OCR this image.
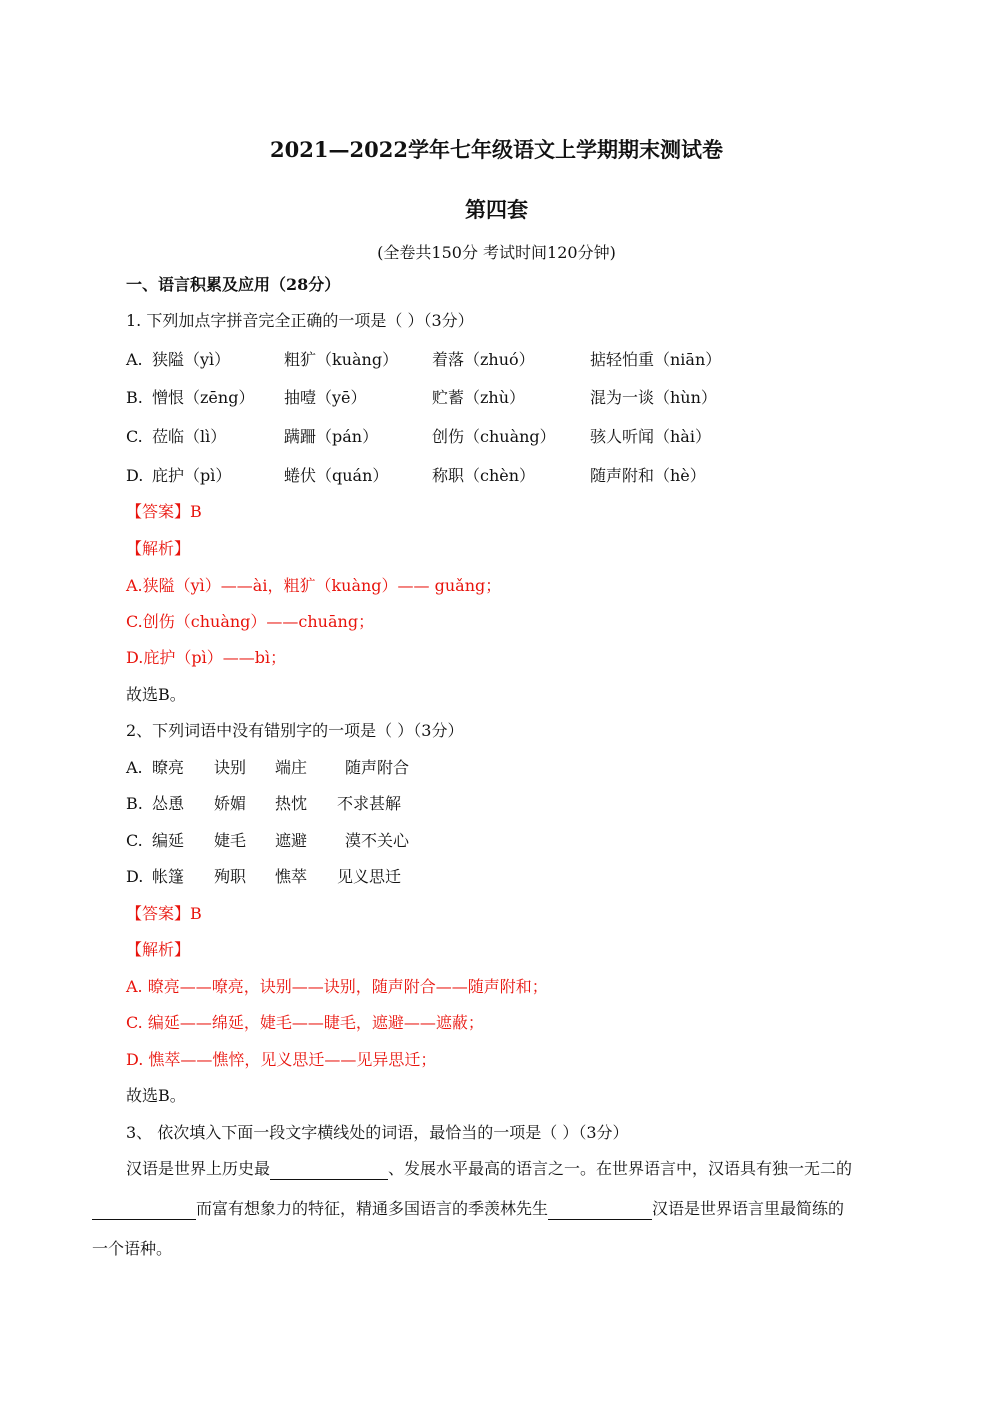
2021—2022学年七年级语文上学期期末测试卷
第四套
(全卷共150分 考试时间120分钟)
一、语言积累及应用（28分）
1. 下列加点字拼音完全正确的一项是（ ）（3分）
A. 狭隘（yì）	粗犷（kuàng） 着落（zhuó）	掂轻怕重（niān）
B. 憎恨（zēng） 抽噎（yē）	贮蓄（zhù）	混为一谈（hùn）
C. 莅临（lì）	蹒跚（pán）	创伤（chuàng） 骇人听闻（hài）
D. 庇护（pì）	蜷伏（quán）	称职（chèn）	随声附和（hè）
【答案】B
【解析】
A.狭隘（yì）——ài，粗犷（kuàng）—— guǎng；
C.创伤（chuàng）——chuāng；
D.庇护（pì）——bì；
故选B。
2、下列词语中没有错别字的一项是（ ）（3分）
A. 暸亮 诀别 端庄 随声附合
B. 怂恿 娇媚 热忱 不求甚解
C. 编延 婕毛 遮避 漠不关心
D. 帐篷 殉职 憔萃 见义思迁
【答案】B
【解析】
A. 暸亮——嘹亮，诀别——诀别，随声附合——随声附和；
C. 编延——绵延，婕毛——睫毛，遮避——遮蔽；
D. 憔萃——憔悴，见义思迁——见异思迁；
故选B。
3、 依次填入下面一段文字横线处的词语，最恰当的一项是（ ）（3分）
汉语是世界上历史最	、发展水平最高的语言之一。在世界语言中，汉语具有独一无二的
而富有想象力的特征，精通多国语言的季羡林先生	汉语是世界语言里最简练的
一个语种。
